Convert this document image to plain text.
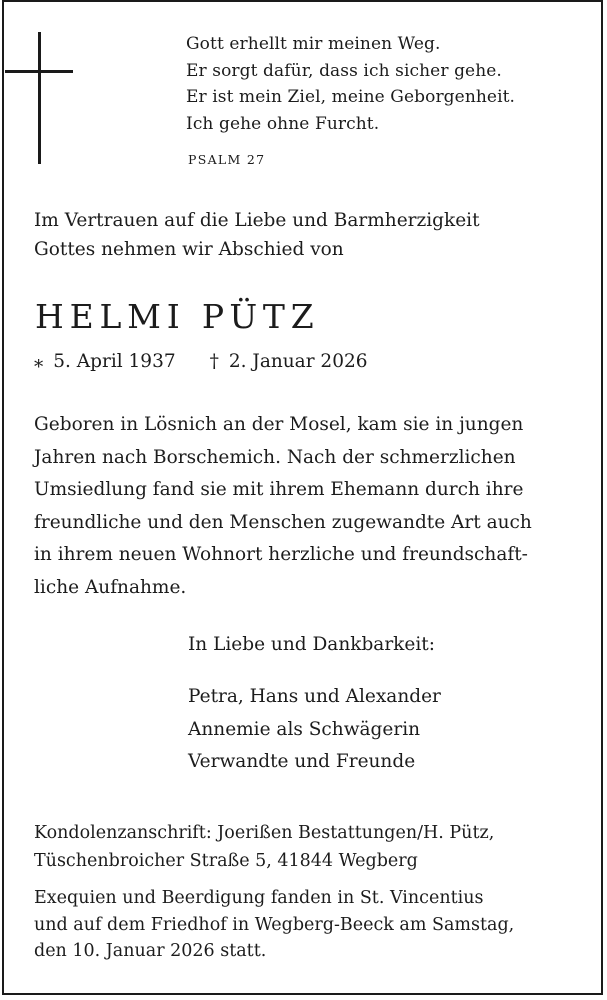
Gott erhellt mir meinen Weg.
Er sorgt dafür, dass ich sicher gehe.
Er ist mein Ziel, meine Geborgenheit.
Ich gehe ohne Furcht.
PSALM 27
Im Vertrauen auf die Liebe und Barmherzigkeit
Gottes nehmen wir Abschied von
HELMI PÜTZ
⁎ 5. April 1937 † 2. Januar 2026
Geboren in Lösnich an der Mosel, kam sie in jungen
Jahren nach Borschemich. Nach der schmerzlichen
Umsiedlung fand sie mit ihrem Ehemann durch ihre
freundliche und den Menschen zugewandte Art auch
in ihrem neuen Wohnort herzliche und freundschaft-
liche Aufnahme.
In Liebe und Dankbarkeit:
Petra, Hans und Alexander
Annemie als Schwägerin
Verwandte und Freunde
Kondolenzanschrift: Joerißen Bestattungen/H. Pütz,
Tüschenbroicher Straße 5, 41844 Wegberg
Exequien und Beerdigung fanden in St. Vincentius
und auf dem Friedhof in Wegberg-Beeck am Samstag,
den 10. Januar 2026 statt.
